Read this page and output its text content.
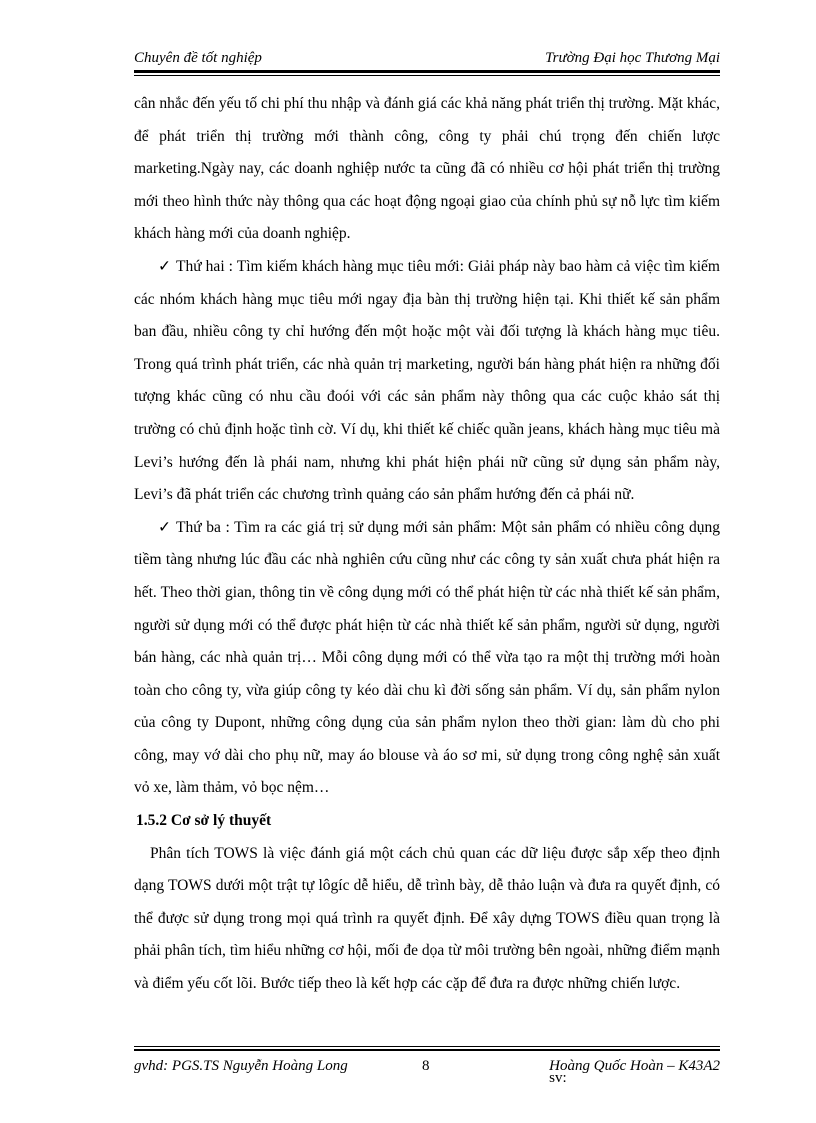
Chuyên đề tốt nghiệp	Trường Đại học Thương Mại

cân nhắc đến yếu tố chi phí thu nhập và đánh giá các khả năng phát triển thị trường. Mặt khác, để phát triển thị trường mới thành công, công ty phải chú trọng đến chiến lược marketing.Ngày nay, các doanh nghiệp nước ta cũng đã có nhiều cơ hội phát triển thị trường mới theo hình thức này thông qua các hoạt động ngoại giao của chính phủ sự nỗ lực tìm kiếm khách hàng mới của doanh nghiệp.

✓ Thứ hai : Tìm kiếm khách hàng mục tiêu mới: Giải pháp này bao hàm cả việc tìm kiếm các nhóm khách hàng mục tiêu mới ngay địa bàn thị trường hiện tại. Khi thiết kế sản phẩm ban đầu, nhiều công ty chỉ hướng đến một hoặc một vài đối tượng là khách hàng mục tiêu. Trong quá trình phát triển, các nhà quản trị marketing, người bán hàng phát hiện ra những đối tượng khác cũng có nhu cầu đoói với các sản phẩm này thông qua các cuộc khảo sát thị trường có chủ định hoặc tình cờ. Ví dụ, khi thiết kế chiếc quần jeans, khách hàng mục tiêu mà Levi’s hướng đến là phái nam, nhưng khi phát hiện phái nữ cũng sử dụng sản phẩm này, Levi’s đã phát triển các chương trình quảng cáo sản phẩm hướng đến cả phái nữ.

✓ Thứ ba : Tìm ra các giá trị sử dụng mới sản phẩm: Một sản phẩm có nhiều công dụng tiềm tàng nhưng lúc đầu các nhà nghiên cứu cũng như các công ty sản xuất chưa phát hiện ra hết. Theo thời gian, thông tin về công dụng mới có thể phát hiện từ các nhà thiết kế sản phẩm, người sử dụng mới có thể được phát hiện từ các nhà thiết kế sản phẩm, người sử dụng, người bán hàng, các nhà quản trị… Mỗi công dụng mới có thể vừa tạo ra một thị trường mới hoàn toàn cho công ty, vừa giúp công ty kéo dài chu kì đời sống sản phẩm. Ví dụ, sản phẩm nylon của công ty Dupont, những công dụng của sản phẩm nylon theo thời gian: làm dù cho phi công, may vớ dài cho phụ nữ, may áo blouse và áo sơ mi, sử dụng trong công nghệ sản xuất vỏ xe, làm thảm, vỏ bọc nệm…

1.5.2 Cơ sở lý thuyết

Phân tích TOWS là việc đánh giá một cách chủ quan các dữ liệu được sắp xếp theo định dạng TOWS dưới một trật tự lôgíc dễ hiểu, dễ trình bày, dễ thảo luận và đưa ra quyết định, có thể được sử dụng trong mọi quá trình ra quyết định. Để xây dựng TOWS điều quan trọng là phải phân tích, tìm hiểu những cơ hội, mối đe dọa từ môi trường bên ngoài, những điểm mạnh và điểm yếu cốt lõi. Bước tiếp theo là kết hợp các cặp để đưa ra được những chiến lược.

gvhd: PGS.TS Nguyễn Hoàng Long	8
sv:
Hoàng Quốc Hoàn – K43A2
